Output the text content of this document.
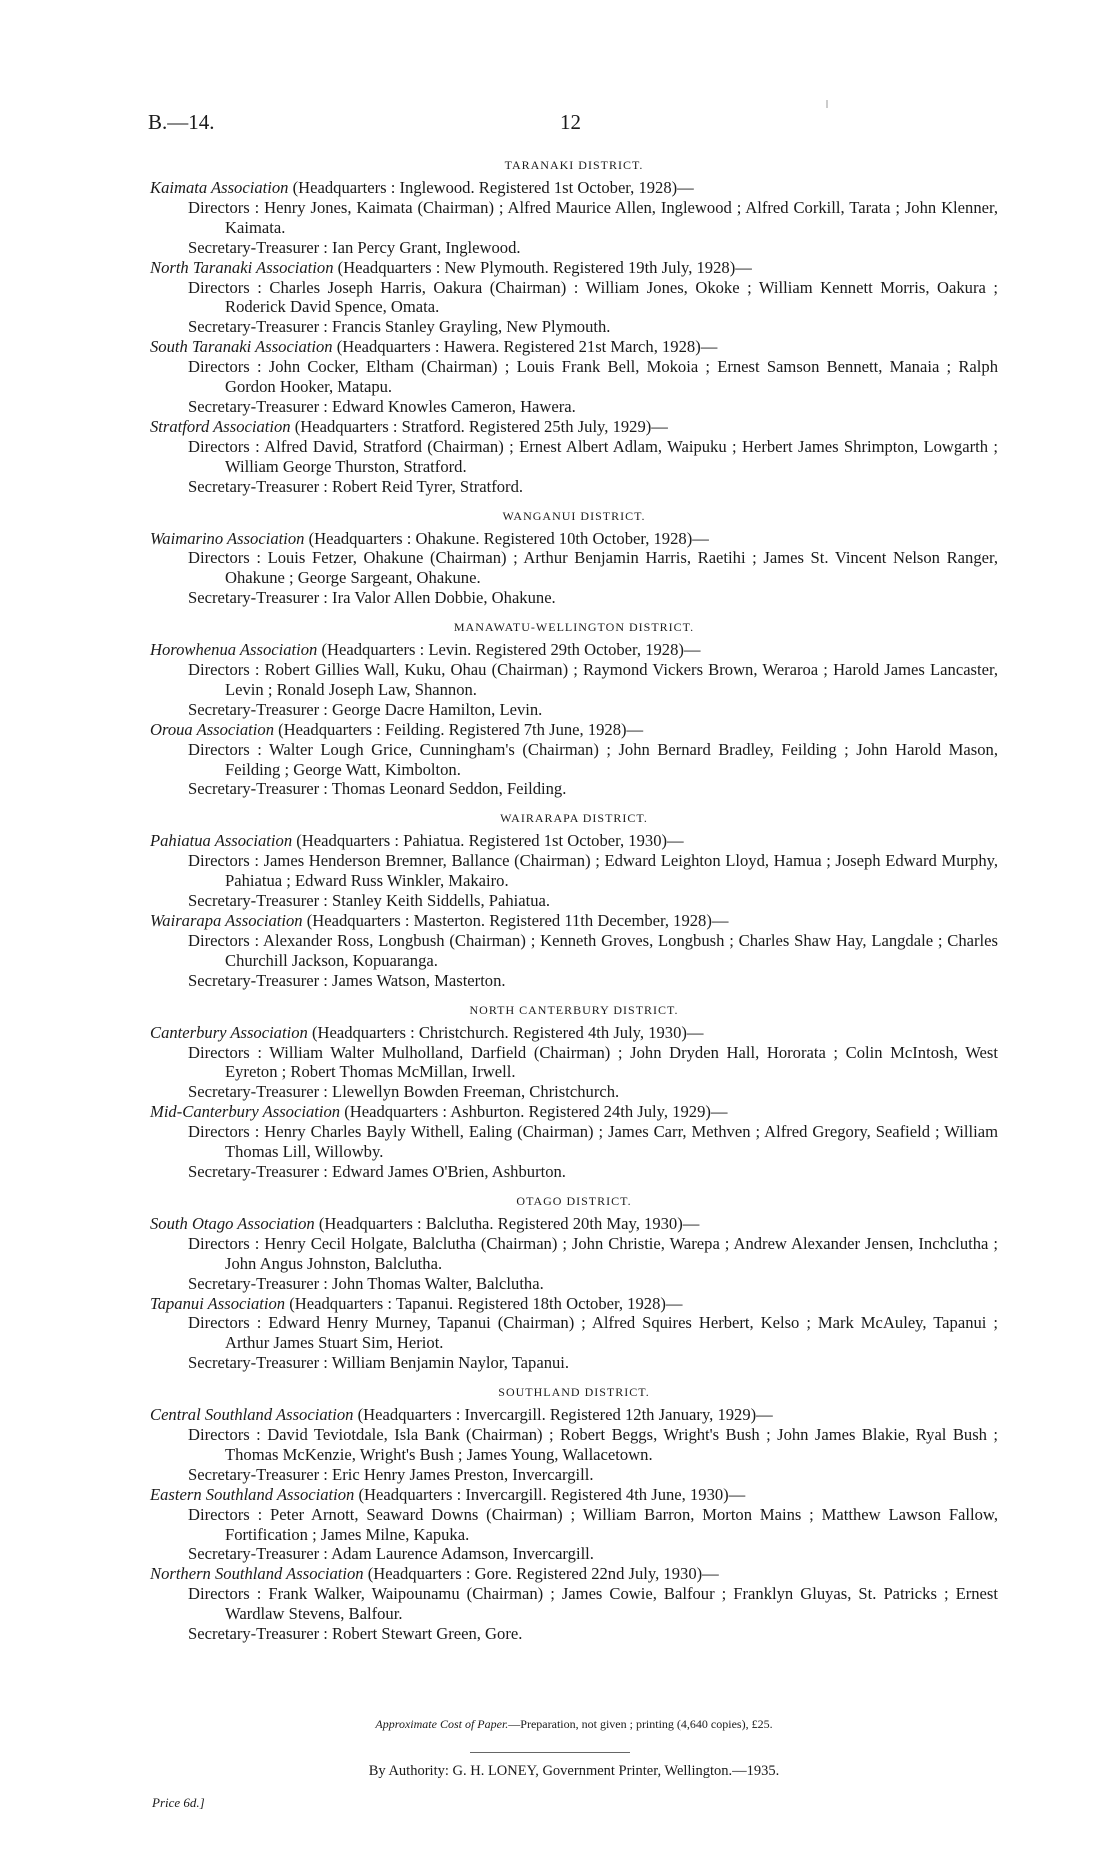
B.—14.	12
TARANAKI DISTRICT.
Kaimata Association (Headquarters : Inglewood. Registered 1st October, 1928)—
Directors : Henry Jones, Kaimata (Chairman) ; Alfred Maurice Allen, Inglewood ; Alfred Corkill, Tarata ; John Klenner, Kaimata.
Secretary-Treasurer : Ian Percy Grant, Inglewood.
North Taranaki Association (Headquarters : New Plymouth. Registered 19th July, 1928)—
Directors : Charles Joseph Harris, Oakura (Chairman) : William Jones, Okoke ; William Kennett Morris, Oakura ; Roderick David Spence, Omata.
Secretary-Treasurer : Francis Stanley Grayling, New Plymouth.
South Taranaki Association (Headquarters : Hawera. Registered 21st March, 1928)—
Directors : John Cocker, Eltham (Chairman) ; Louis Frank Bell, Mokoia ; Ernest Samson Bennett, Manaia ; Ralph Gordon Hooker, Matapu.
Secretary-Treasurer : Edward Knowles Cameron, Hawera.
Stratford Association (Headquarters : Stratford. Registered 25th July, 1929)—
Directors : Alfred David, Stratford (Chairman) ; Ernest Albert Adlam, Waipuku ; Herbert James Shrimpton, Lowgarth ; William George Thurston, Stratford.
Secretary-Treasurer : Robert Reid Tyrer, Stratford.
WANGANUI DISTRICT.
Waimarino Association (Headquarters : Ohakune. Registered 10th October, 1928)—
Directors : Louis Fetzer, Ohakune (Chairman) ; Arthur Benjamin Harris, Raetihi ; James St. Vincent Nelson Ranger, Ohakune ; George Sargeant, Ohakune.
Secretary-Treasurer : Ira Valor Allen Dobbie, Ohakune.
MANAWATU-WELLINGTON DISTRICT.
Horowhenua Association (Headquarters : Levin. Registered 29th October, 1928)—
Directors : Robert Gillies Wall, Kuku, Ohau (Chairman) ; Raymond Vickers Brown, Weraroa ; Harold James Lancaster, Levin ; Ronald Joseph Law, Shannon.
Secretary-Treasurer : George Dacre Hamilton, Levin.
Oroua Association (Headquarters : Feilding. Registered 7th June, 1928)—
Directors : Walter Lough Grice, Cunningham's (Chairman) ; John Bernard Bradley, Feilding ; John Harold Mason, Feilding ; George Watt, Kimbolton.
Secretary-Treasurer : Thomas Leonard Seddon, Feilding.
WAIRARAPA DISTRICT.
Pahiatua Association (Headquarters : Pahiatua. Registered 1st October, 1930)—
Directors : James Henderson Bremner, Ballance (Chairman) ; Edward Leighton Lloyd, Hamua ; Joseph Edward Murphy, Pahiatua ; Edward Russ Winkler, Makairo.
Secretary-Treasurer : Stanley Keith Siddells, Pahiatua.
Wairarapa Association (Headquarters : Masterton. Registered 11th December, 1928)—
Directors : Alexander Ross, Longbush (Chairman) ; Kenneth Groves, Longbush ; Charles Shaw Hay, Langdale ; Charles Churchill Jackson, Kopuaranga.
Secretary-Treasurer : James Watson, Masterton.
NORTH CANTERBURY DISTRICT.
Canterbury Association (Headquarters : Christchurch. Registered 4th July, 1930)—
Directors : William Walter Mulholland, Darfield (Chairman) ; John Dryden Hall, Hororata ; Colin McIntosh, West Eyreton ; Robert Thomas McMillan, Irwell.
Secretary-Treasurer : Llewellyn Bowden Freeman, Christchurch.
Mid-Canterbury Association (Headquarters : Ashburton. Registered 24th July, 1929)—
Directors : Henry Charles Bayly Withell, Ealing (Chairman) ; James Carr, Methven ; Alfred Gregory, Seafield ; William Thomas Lill, Willowby.
Secretary-Treasurer : Edward James O'Brien, Ashburton.
OTAGO DISTRICT.
South Otago Association (Headquarters : Balclutha. Registered 20th May, 1930)—
Directors : Henry Cecil Holgate, Balclutha (Chairman) ; John Christie, Warepa ; Andrew Alexander Jensen, Inchclutha ; John Angus Johnston, Balclutha.
Secretary-Treasurer : John Thomas Walter, Balclutha.
Tapanui Association (Headquarters : Tapanui. Registered 18th October, 1928)—
Directors : Edward Henry Murney, Tapanui (Chairman) ; Alfred Squires Herbert, Kelso ; Mark McAuley, Tapanui ; Arthur James Stuart Sim, Heriot.
Secretary-Treasurer : William Benjamin Naylor, Tapanui.
SOUTHLAND DISTRICT.
Central Southland Association (Headquarters : Invercargill. Registered 12th January, 1929)—
Directors : David Teviotdale, Isla Bank (Chairman) ; Robert Beggs, Wright's Bush ; John James Blakie, Ryal Bush ; Thomas McKenzie, Wright's Bush ; James Young, Wallacetown.
Secretary-Treasurer : Eric Henry James Preston, Invercargill.
Eastern Southland Association (Headquarters : Invercargill. Registered 4th June, 1930)—
Directors : Peter Arnott, Seaward Downs (Chairman) ; William Barron, Morton Mains ; Matthew Lawson Fallow, Fortification ; James Milne, Kapuka.
Secretary-Treasurer : Adam Laurence Adamson, Invercargill.
Northern Southland Association (Headquarters : Gore. Registered 22nd July, 1930)—
Directors : Frank Walker, Waipounamu (Chairman) ; James Cowie, Balfour ; Franklyn Gluyas, St. Patricks ; Ernest Wardlaw Stevens, Balfour.
Secretary-Treasurer : Robert Stewart Green, Gore.
Approximate Cost of Paper.—Preparation, not given ; printing (4,640 copies), £25.
By Authority: G. H. LONEY, Government Printer, Wellington.—1935.
Price 6d.]
